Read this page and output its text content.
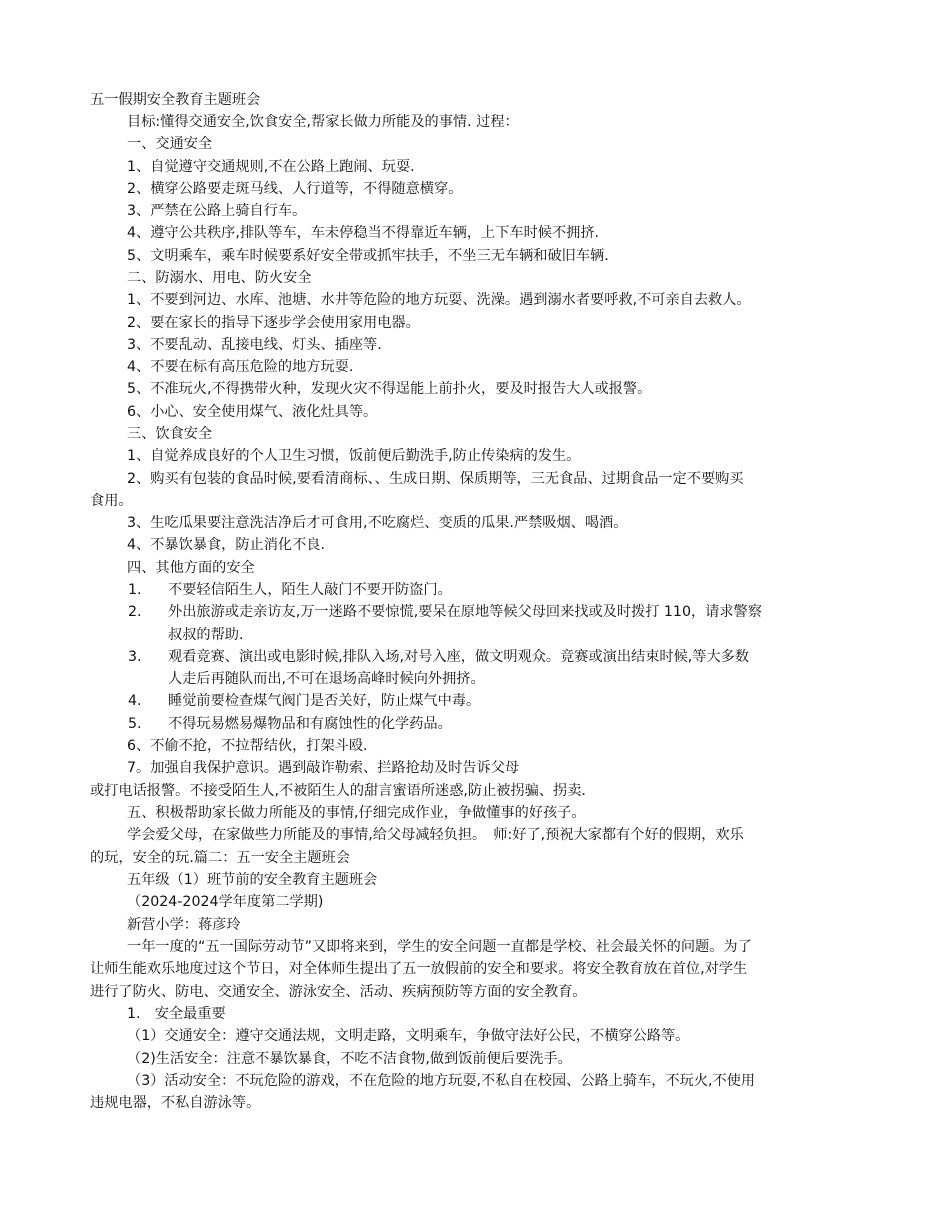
五一假期安全教育主题班会
目标:懂得交通安全,饮食安全,帮家长做力所能及的事情. 过程：
一、交通安全
1、自觉遵守交通规则,不在公路上跑闹、玩耍.
2、横穿公路要走斑马线、人行道等，不得随意横穿。
3、严禁在公路上骑自行车。
4、遵守公共秩序,排队等车，车未停稳当不得靠近车辆，上下车时候不拥挤.
5、文明乘车，乘车时候要系好安全带或抓牢扶手，不坐三无车辆和破旧车辆.
二、防溺水、用电、防火安全
1、不要到河边、水库、池塘、水井等危险的地方玩耍、洗澡。遇到溺水者要呼救,不可亲自去救人。
2、要在家长的指导下逐步学会使用家用电器。
3、不要乱动、乱接电线、灯头、插座等.
4、不要在标有高压危险的地方玩耍.
5、不准玩火,不得携带火种，发现火灾不得逞能上前扑火，要及时报告大人或报警。
6、小心、安全使用煤气、液化灶具等。
三、饮食安全
1、自觉养成良好的个人卫生习惯，饭前便后勤洗手,防止传染病的发生。
2、购买有包装的食品时候,要看清商标、、生成日期、保质期等，三无食品、过期食品一定不要购买
食用。
3、生吃瓜果要注意洗洁净后才可食用,不吃腐烂、变质的瓜果.严禁吸烟、喝酒。
4、不暴饮暴食，防止消化不良.
四、其他方面的安全
1. 不要轻信陌生人，陌生人敲门不要开防盗门。
2. 外出旅游或走亲访友,万一迷路不要惊慌,要呆在原地等候父母回来找或及时拨打 110，请求警察
叔叔的帮助.
3. 观看竞赛、演出或电影时候,排队入场,对号入座，做文明观众。竞赛或演出结束时候,等大多数
人走后再随队而出,不可在退场高峰时候向外拥挤。
4. 睡觉前要检查煤气阀门是否关好，防止煤气中毒。
5. 不得玩易燃易爆物品和有腐蚀性的化学药品。
6、不偷不抢，不拉帮结伙，打架斗殴.
7。加强自我保护意识。遇到敲诈勒索、拦路抢劫及时告诉父母
或打电话报警。不接受陌生人,不被陌生人的甜言蜜语所迷惑,防止被拐骗、拐卖.
五、积极帮助家长做力所能及的事情,仔细完成作业，争做懂事的好孩子。
学会爱父母，在家做些力所能及的事情,给父母减轻负担。　师:好了,预祝大家都有个好的假期，欢乐
的玩，安全的玩.篇二：五一安全主题班会
五年级（1）班节前的安全教育主题班会
（2024-2024学年度第二学期)
新营小学：蒋彦玲
一年一度的“五一国际劳动节”又即将来到，学生的安全问题一直都是学校、社会最关怀的问题。为了
让师生能欢乐地度过这个节日，对全体师生提出了五一放假前的安全和要求。将安全教育放在首位,对学生
进行了防火、防电、交通安全、游泳安全、活动、疾病预防等方面的安全教育。
1.　安全最重要
（1）交通安全：遵守交通法规，文明走路，文明乘车，争做守法好公民，不横穿公路等。
（2)生活安全：注意不暴饮暴食，不吃不洁食物,做到饭前便后要洗手。
（3）活动安全：不玩危险的游戏，不在危险的地方玩耍,不私自在校园、公路上骑车，不玩火,不使用
违规电器，不私自游泳等。
